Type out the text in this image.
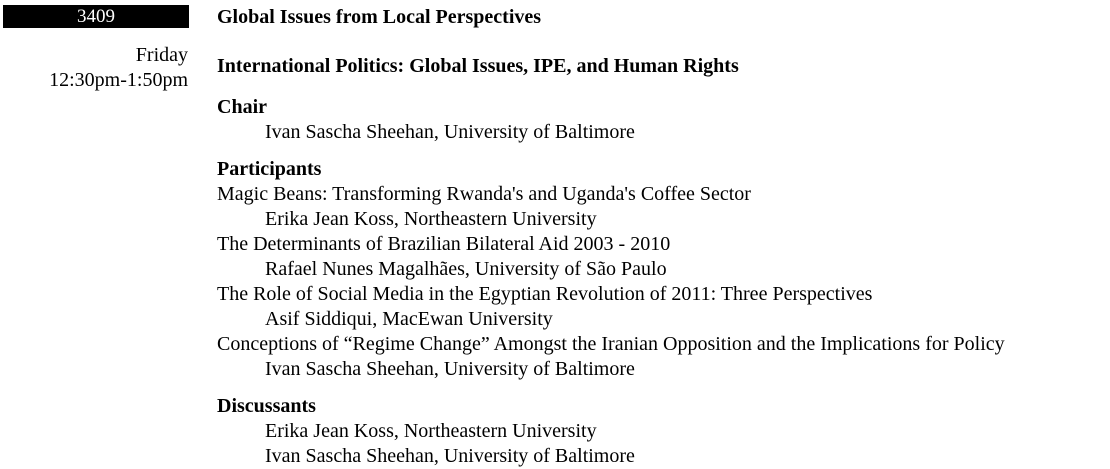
3409
Friday
12:30pm-1:50pm
Global Issues from Local Perspectives
International Politics: Global Issues, IPE, and Human Rights
Chair
Ivan Sascha Sheehan, University of Baltimore
Participants
Magic Beans: Transforming Rwanda's and Uganda's Coffee Sector
Erika Jean Koss, Northeastern University
The Determinants of Brazilian Bilateral Aid 2003 - 2010
Rafael Nunes Magalhães, University of São Paulo
The Role of Social Media in the Egyptian Revolution of 2011: Three Perspectives
Asif Siddiqui, MacEwan University
Conceptions of “Regime Change” Amongst the Iranian Opposition and the Implications for Policy
Ivan Sascha Sheehan, University of Baltimore
Discussants
Erika Jean Koss, Northeastern University
Ivan Sascha Sheehan, University of Baltimore
